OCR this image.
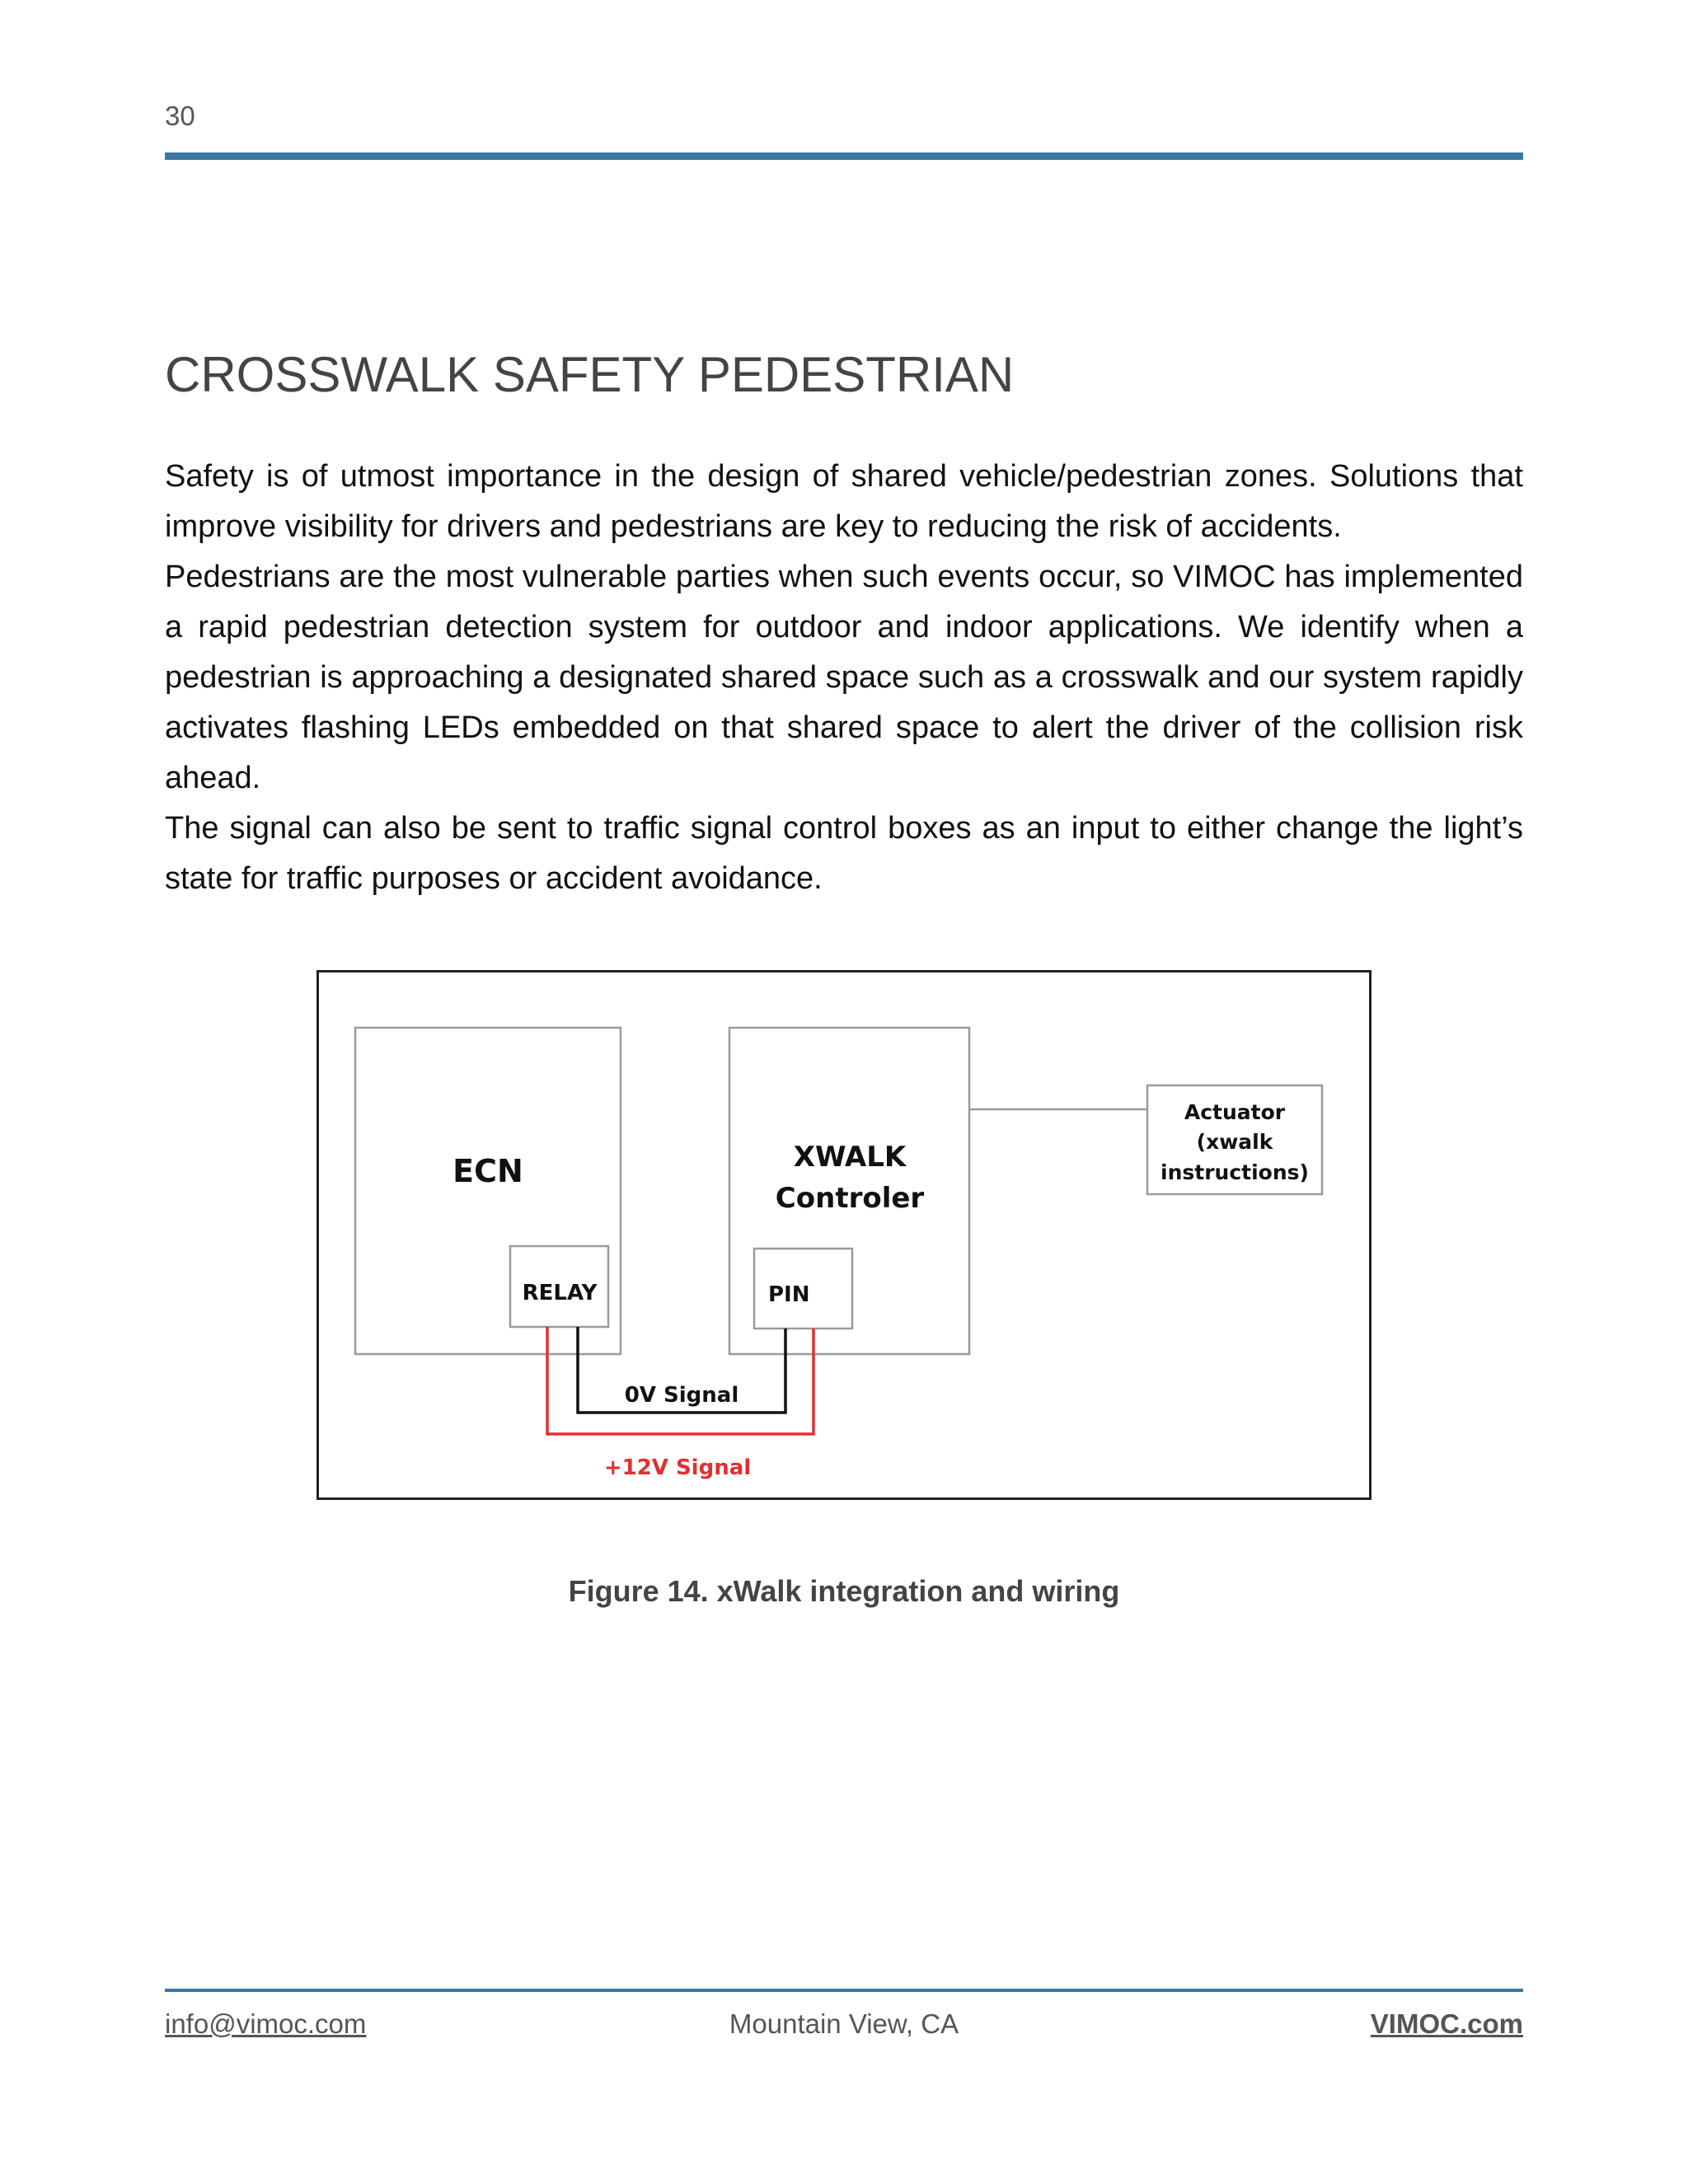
30
CROSSWALK SAFETY PEDESTRIAN

Safety is of utmost importance in the design of shared vehicle/pedestrian zones. Solutions that improve visibility for drivers and pedestrians are key to reducing the risk of accidents.

Pedestrians are the most vulnerable parties when such events occur, so VIMOC has implemented a rapid pedestrian detection system for outdoor and indoor applications. We identify when a pedestrian is approaching a designated shared space such as a crosswalk and our system rapidly activates flashing LEDs embedded on that shared space to alert the driver of the collision risk ahead.

The signal can also be sent to traffic signal control boxes as an input to either change the light’s state for traffic purposes or accident avoidance.

ECN
RELAY
XWALK
Controler
PIN
Actuator
(xwalk
instructions)
0V Signal
+12V Signal
Figure 14. xWalk integration and wiring
info@vimoc.com	Mountain View, CA	VIMOC.com
